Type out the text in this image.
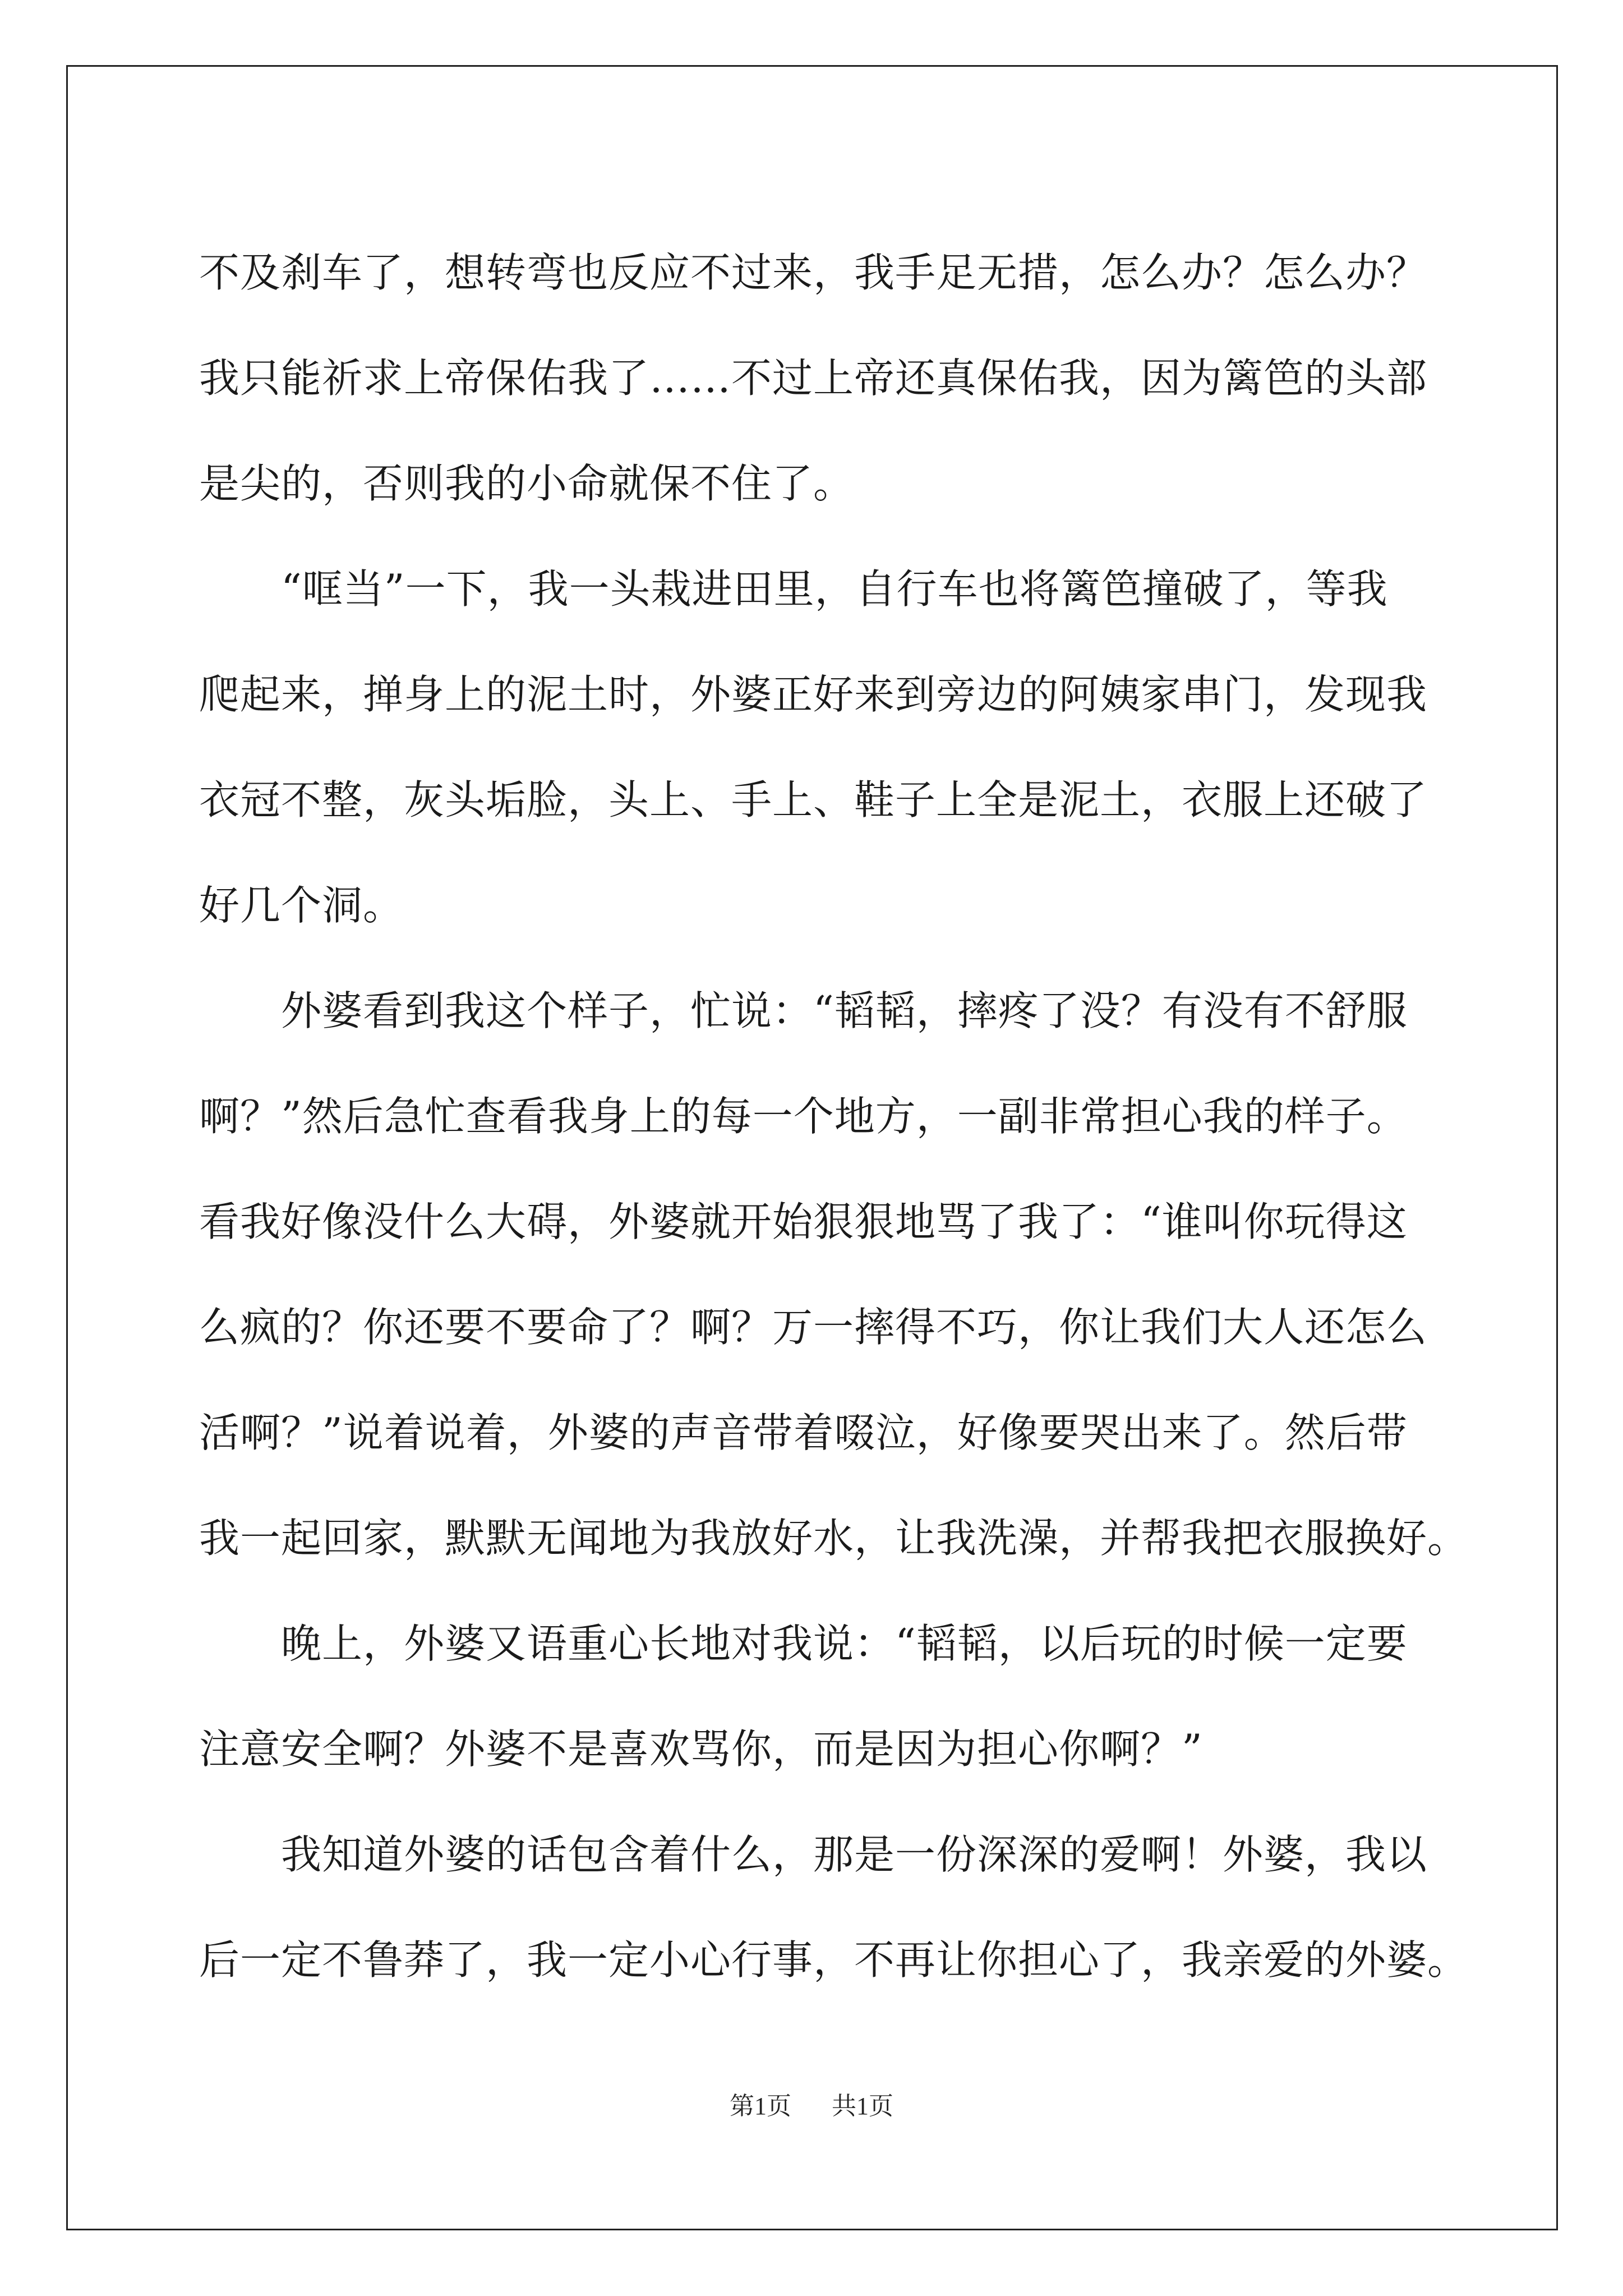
不及刹车了，想转弯也反应不过来，我手足无措，怎么办？怎么办？
我只能祈求上帝保佑我了……不过上帝还真保佑我，因为篱笆的头部
是尖的，否则我的小命就保不住了。
　　“哐当”一下，我一头栽进田里，自行车也将篱笆撞破了，等我
爬起来，掸身上的泥土时，外婆正好来到旁边的阿姨家串门，发现我
衣冠不整，灰头垢脸，头上、手上、鞋子上全是泥土，衣服上还破了
好几个洞。
　　外婆看到我这个样子，忙说：“韬韬，摔疼了没？有没有不舒服
啊？”然后急忙查看我身上的每一个地方，一副非常担心我的样子。
看我好像没什么大碍，外婆就开始狠狠地骂了我了：“谁叫你玩得这
么疯的？你还要不要命了？啊？万一摔得不巧，你让我们大人还怎么
活啊？”说着说着，外婆的声音带着啜泣，好像要哭出来了。然后带
我一起回家，默默无闻地为我放好水，让我洗澡，并帮我把衣服换好。
　　晚上，外婆又语重心长地对我说：“韬韬，以后玩的时候一定要
注意安全啊？外婆不是喜欢骂你，而是因为担心你啊？”
　　我知道外婆的话包含着什么，那是一份深深的爱啊！外婆，我以
后一定不鲁莽了，我一定小心行事，不再让你担心了，我亲爱的外婆。
第1页 共1页
